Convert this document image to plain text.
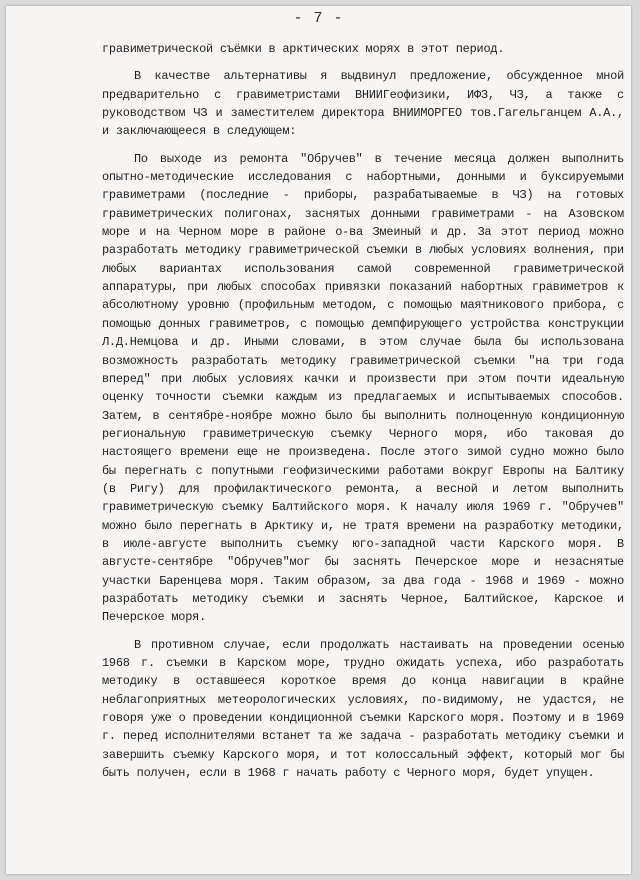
- 7 -

гравиметрической съёмки в арктических морях в этот период.

В качестве альтернативы я выдвинул предложение, обсужденное мной предварительно с гравиметристами ВНИИГеофизики, ИФЗ, ЧЗ, а также с руководством ЧЗ и заместителем директора ВНИИМОРГЕО тов.Гагельганцем А.А., и заключающееся в следующем:

По выходе из ремонта "Обручев" в течение месяца должен выполнить опытно-методические исследования с набортными, донными и буксируемыми гравиметрами (последние - приборы, разрабатываемые в ЧЗ) на готовых гравиметрических полигонах, заснятых донными гравиметрами - на Азовском море и на Черном море в районе о-ва Змеиный и др. За этот период можно разработать методику гравиметрической съемки в любых условиях волнения, при любых вариантах использования самой современной гравиметрической аппаратуры, при любых способах привязки показаний набортных гравиметров к абсолютному уровню (профильным методом, с помощью маятникового прибора, с помощью донных гравиметров, с помощью демпфирующего устройства конструкции Л.Д.Немцова и др. Иными словами, в этом случае была бы использована возможность разработать методику гравиметрической съемки "на три года вперед" при любых условиях качки и произвести при этом почти идеальную оценку точности съемки каждым из предлагаемых и испытываемых способов. Затем, в сентябре-ноябре можно было бы выполнить полноценную кондиционную региональную гравиметрическую съемку Черного моря, ибо таковая до настоящего времени еще не произведена. После этого зимой судно можно было бы перегнать с попутными геофизическими работами вокруг Европы на Балтику (в Ригу) для профилактического ремонта, а весной и летом выполнить гравиметрическую съемку Балтийского моря. К началу июля 1969 г. "Обручев" можно было перегнать в Арктику и, не тратя времени на разработку методики, в июле-августе выполнить съемку юго-западной части Карского моря. В августе-сентябре "Обручев"мог бы заснять Печерское море и незаснятые участки Баренцева моря. Таким образом, за два года - 1968 и 1969 - можно разработать методику съемки и заснять Черное, Балтийское, Карское и Печерское моря.

В противном случае, если продолжать настаивать на проведении осенью 1968 г. съемки в Карском море, трудно ожидать успеха, ибо разработать методику в оставшееся короткое время до конца навигации в крайне неблагоприятных метеорологических условиях, по-видимому, не удастся, не говоря уже о проведении кондиционной съемки Карского моря. Поэтому и в 1969 г. перед исполнителями встанет та же задача - разработать методику съемки и завершить съемку Карского моря, и тот колоссальный эффект, который мог бы быть получен, если в 1968 г начать работу с Черного моря, будет упущен.
